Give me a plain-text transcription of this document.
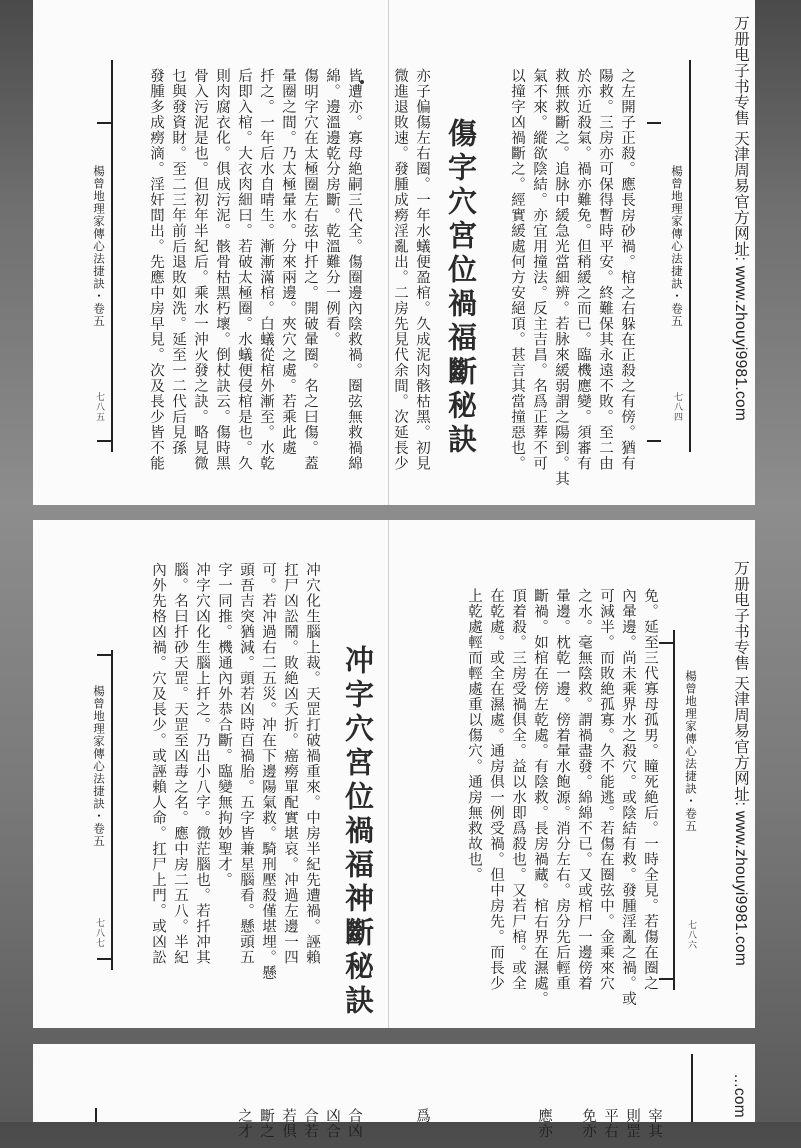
万册电子书专售 天津周易官方网址: www.zhouyi9981.com
楊曾地理家傳心法捷訣・卷五
七八四
之左開子正殺。應長房砂禍。棺之右躲在正殺之有傍。猶有
陽救。三房亦可保得暫時平安。終難保其永遠不敗。至二由
於亦近殺氣。禍亦難免。但稍緩之而已。臨機應變。須審有
救無救斷之。追脉中緩急光當細辨。若脉來緩弱謂之陽到。其
氣不來。縱欲陰結。亦宜用撞法。反主吉昌。名爲正葬不可
以撞字凶禍斷之。經實緩處何方安絕頂。甚言其當撞惡也。
傷字穴宮位禍福斷秘訣
亦子偏傷左右圈。一年水蟻便盈棺。久成泥肉骸枯黑。初見
微進退敗速。發腫成癆淫亂出。二房先見代余間。次延長少
皆遭亦。寡母絶嗣三代全。傷圈邊內陰救禍。圈弦無救禍綿
綿。邊溫邊乾分房斷。乾溫難分一例看。
傷明字穴在太極圈左右弦中扦之。開破暈圈。名之曰傷。蓋
暈圈之間。乃太極暈水。分來兩邊。夾穴之處。若乘此處
扦之。一年后水自晴生。漸漸滿棺。白蟻從棺外漸至。水乾
后即入棺。大衣肉細曰。若破太極圈。水蟻便侵棺是也。久
則肉腐衣化。俱成污泥。骸骨枯黑朽壞。倒杖訣云。傷時黑
骨入污泥是也。但初年半紀后。乘水一沖火發之訣。略見微
乜與發資財。至二三年前后退敗如洗。延至一二代后見孫
發腫多成癆滴。淫奸間出。先應中房早見。次及長少皆不能
楊曾地理家傳心法捷訣・卷五
七八五
万册电子书专售 天津周易官方网址: www.zhouyi9981.com
楊曾地理家傳心法捷訣・卷五
七八六
免。延至三代寡母孤男。瞳死絶后。一時全見。若傷在圈之
內暈邊。尚未乘界水之殺穴。或陰結有救。發腫淫亂之禍。或
可減半。而敗絶孤寡。久不能逃。若傷在圈弦中。金乘來穴
之水。毫無陰救。謂禍盡發。綿綿不已。又或棺尸一邊傍着
暈邊。枕乾一邊。傍着暈水飽源。消分左右。房分先后輕重
斷禍。如棺在傍左乾處。有陰救。長房禍藏。棺右界在濕處。
頂着殺。三房受禍俱全。益以水即爲殺也。又若尸棺。或全
在乾處。或全在濕處。通房俱一例受禍。但中房先。而長少
上乾處輕而輕處重以傷穴。通房無救故也。
冲字穴宮位禍福神斷秘訣
冲穴化生腦上裁。天罡打破禍重來。中房半紀先遭禍。誣賴
扛尸凶訟鬧。敗絶凶夭折。癌癆單配實堪哀。冲過左邊一四
可。若冲過右二五災。冲在下邊陽氣救。騎刑壓殺僅堪埋。懸
頭吾吉突猶減。頭若凶時百禍胎。五字皆兼星腦看。懸頭五
字一同推。機通內外恭合斷。臨變無拘妙聖才。
冲字穴凶化生腦上扦之。乃出小八字。微茫腦也。若扦冲其
腦。名曰扦砂天罡。天罡至凶毒之名。應中房二五八。半紀
內外先格凶禍。穴及長少。或誣賴人命。扛尸上門。或凶訟
楊曾地理家傳心法捷訣・卷五
七八七
...com
宰其
則罡
平右
免亦
應亦
爲
合凶
凶合
合若
若俱
斷之
之才
